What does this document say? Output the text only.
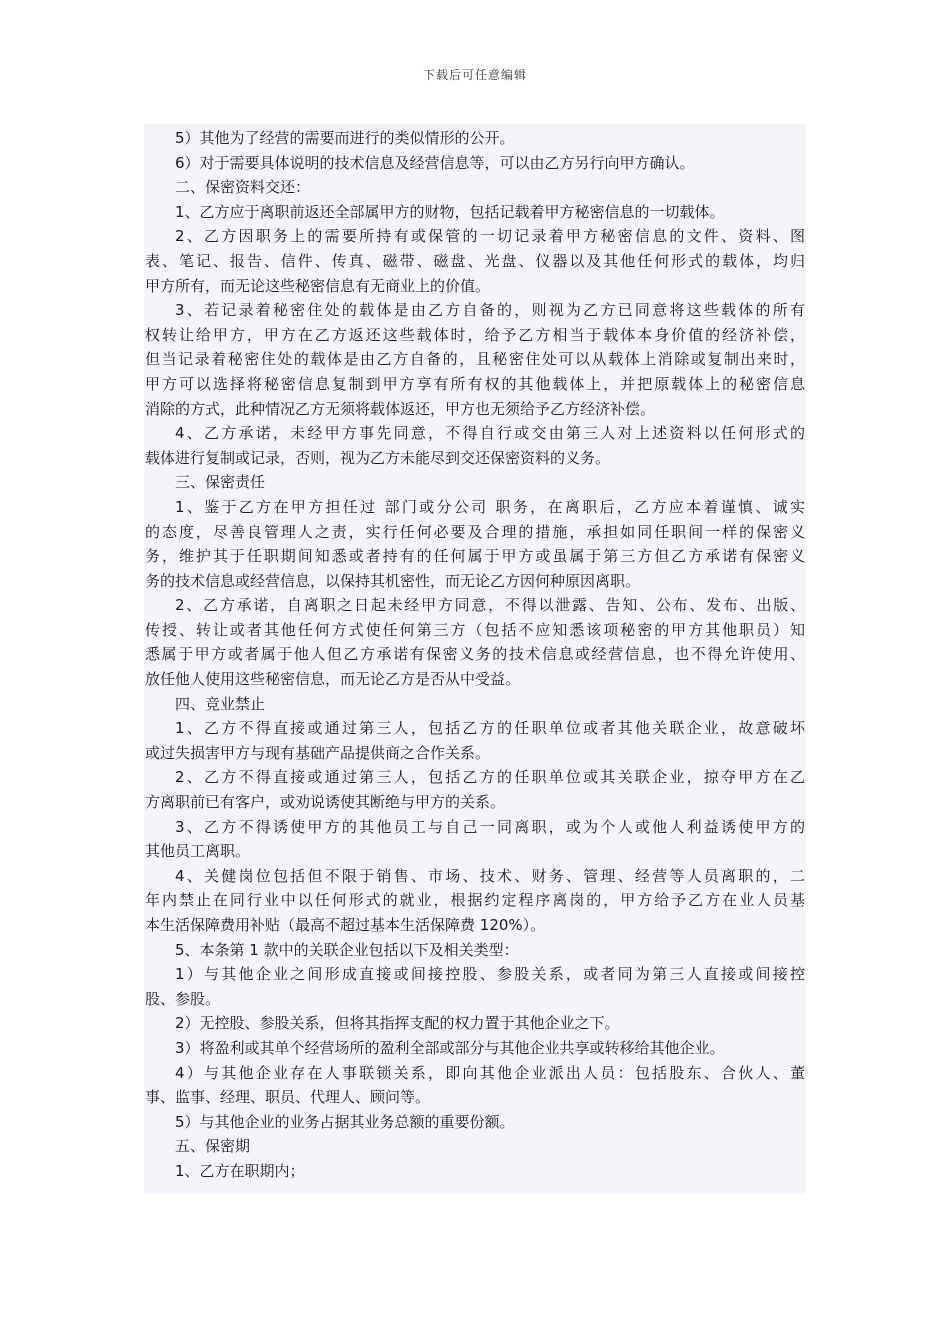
下载后可任意编辑

5）其他为了经营的需要而进行的类似情形的公开。

6）对于需要具体说明的技术信息及经营信息等，可以由乙方另行向甲方确认。

二、保密资料交还：

1、乙方应于离职前返还全部属甲方的财物，包括记载着甲方秘密信息的一切载体。

2、乙方因职务上的需要所持有或保管的一切记录着甲方秘密信息的文件、资料、图

表、笔记、报告、信件、传真、磁带、磁盘、光盘、仪器以及其他任何形式的载体，均归

甲方所有，而无论这些秘密信息有无商业上的价值。

3、若记录着秘密住处的载体是由乙方自备的，则视为乙方已同意将这些载体的所有

权转让给甲方，甲方在乙方返还这些载体时，给予乙方相当于载体本身价值的经济补偿，

但当记录着秘密住处的载体是由乙方自备的，且秘密住处可以从载体上消除或复制出来时，

甲方可以选择将秘密信息复制到甲方享有所有权的其他载体上，并把原载体上的秘密信息

消除的方式，此种情况乙方无须将载体返还，甲方也无须给予乙方经济补偿。

4、乙方承诺，未经甲方事先同意，不得自行或交由第三人对上述资料以任何形式的

载体进行复制或记录，否则，视为乙方未能尽到交还保密资料的义务。

三、保密责任

1、鉴于乙方在甲方担任过 部门或分公司 职务，在离职后，乙方应本着谨慎、诚实

的态度，尽善良管理人之责，实行任何必要及合理的措施，承担如同任职间一样的保密义

务，维护其于任职期间知悉或者持有的任何属于甲方或虽属于第三方但乙方承诺有保密义

务的技术信息或经营信息，以保持其机密性，而无论乙方因何种原因离职。

2、乙方承诺，自离职之日起未经甲方同意，不得以泄露、告知、公布、发布、出版、

传授、转让或者其他任何方式使任何第三方（包括不应知悉该项秘密的甲方其他职员）知

悉属于甲方或者属于他人但乙方承诺有保密义务的技术信息或经营信息，也不得允许使用、

放任他人使用这些秘密信息，而无论乙方是否从中受益。

四、竞业禁止

1、乙方不得直接或通过第三人，包括乙方的任职单位或者其他关联企业，故意破坏

或过失损害甲方与现有基础产品提供商之合作关系。

2、乙方不得直接或通过第三人，包括乙方的任职单位或其关联企业，掠夺甲方在乙

方离职前已有客户，或劝说诱使其断绝与甲方的关系。

3、乙方不得诱使甲方的其他员工与自己一同离职，或为个人或他人利益诱使甲方的

其他员工离职。

4、关健岗位包括但不限于销售、市场、技术、财务、管理、经营等人员离职的，二

年内禁止在同行业中以任何形式的就业，根据约定程序离岗的，甲方给予乙方在业人员基

本生活保障费用补贴（最高不超过基本生活保障费 120%）。

5、本条第 1 款中的关联企业包括以下及相关类型：

1）与其他企业之间形成直接或间接控股、参股关系，或者同为第三人直接或间接控

股、参股。

2）无控股、参股关系，但将其指挥支配的权力置于其他企业之下。

3）将盈利或其单个经营场所的盈利全部或部分与其他企业共享或转移给其他企业。

4）与其他企业存在人事联锁关系，即向其他企业派出人员：包括股东、合伙人、董

事、监事、经理、职员、代理人、顾问等。

5）与其他企业的业务占据其业务总额的重要份额。

五、保密期

1、乙方在职期内；
